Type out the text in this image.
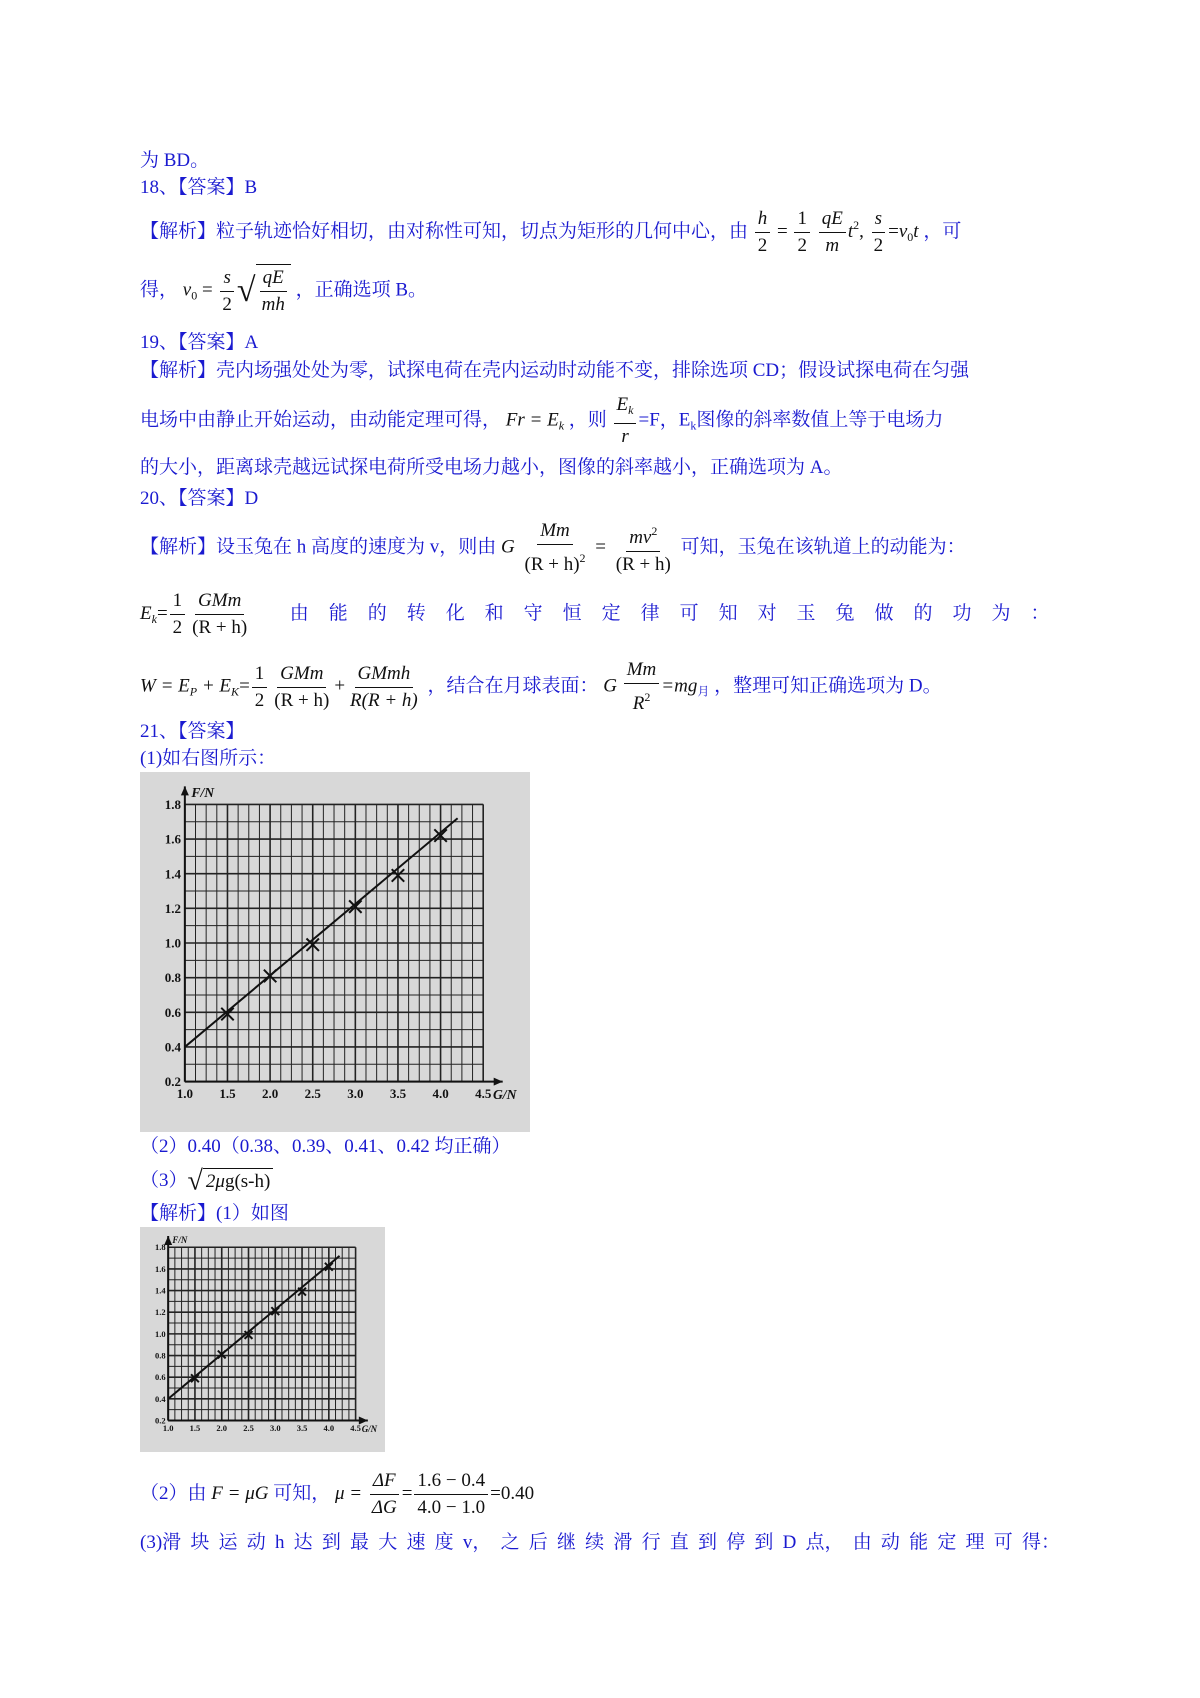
为 BD。
18、【答案】B
【解析】粒子轨迹恰好相切，由对称性可知，切点为矩形的几何中心，由 $\frac{h}{2} = \frac{1}{2}$
$\frac{qE}{m} t^2$, $\frac{s}{2} =v_0t$ ，可
得， $v_0 = \frac{s}{2}$ √ $\frac{qE}{mh}$ ，正确选项 B。
19、【答案】A
【解析】壳内场强处处为零，试探电荷在壳内运动时动能不变，排除选项 CD；假设试探电荷在匀强
电场中由静止开始运动，由动能定理可得， $Fr = E_k$ ，则 $\frac{E_k}{r} =F$，$E_k$图像的斜率数值上等于电场力
的大小，距离球壳越远试探电荷所受电场力越小，图像的斜率越小，正确选项为 A。
20、【答案】D
【解析】设玉兔在 h 高度的速度为 v，则由 G $\frac{Mm}{(R + h)^2} = \frac{mv^2}{(R + h)}$ 可知，玉兔在该轨道上的动能为：
$E_k= \frac{1}{2} \frac{\text{GMm}}{(R + h)}$
由 能 的 转 化 和 守 恒 定 律 可 知 对 玉 兔 做 的 功 为 ：
$W = E_P + E_K= \frac{1}{2} \frac{\text{GMm}}{(R + h)} + \frac{\text{GMmh}}{R(R + h)}$ ，结合在月球表面： G $\frac{Mm}{R^2} =mg_月$ ，整理可知正确选项为 D。
21、【答案】
(1)如右图所示：
1.0 1.5 2.0 2.5 3.0 3.5 4.0 4.5
0.2
0.4
0.6
0.8
1.0
1.2
1.4
1.6
1.8
G/N
F/N
（2）0.40（0.38、0.39、0.41、0.42 均正确）
（3）√ 2μg(s-h)
【解析】(1）如图
1.0 1.5 2.0 2.5 3.0 3.5 4.0 4.5
0.2
0.4
0.6
0.8
1.0
1.2
1.4
1.6
1.8
G/N
F/N
（2）由 F = μG 可知， $\mu = \frac{\Delta F}{\Delta G} = \frac{1.6 - 0.4}{4.0 - 1.0} =0.40$
(3)滑 块 运 动 h 达 到 最 大 速 度 v， 之 后 继 续 滑 行 直 到 停 到 D 点， 由 动 能 定 理 可 得：
